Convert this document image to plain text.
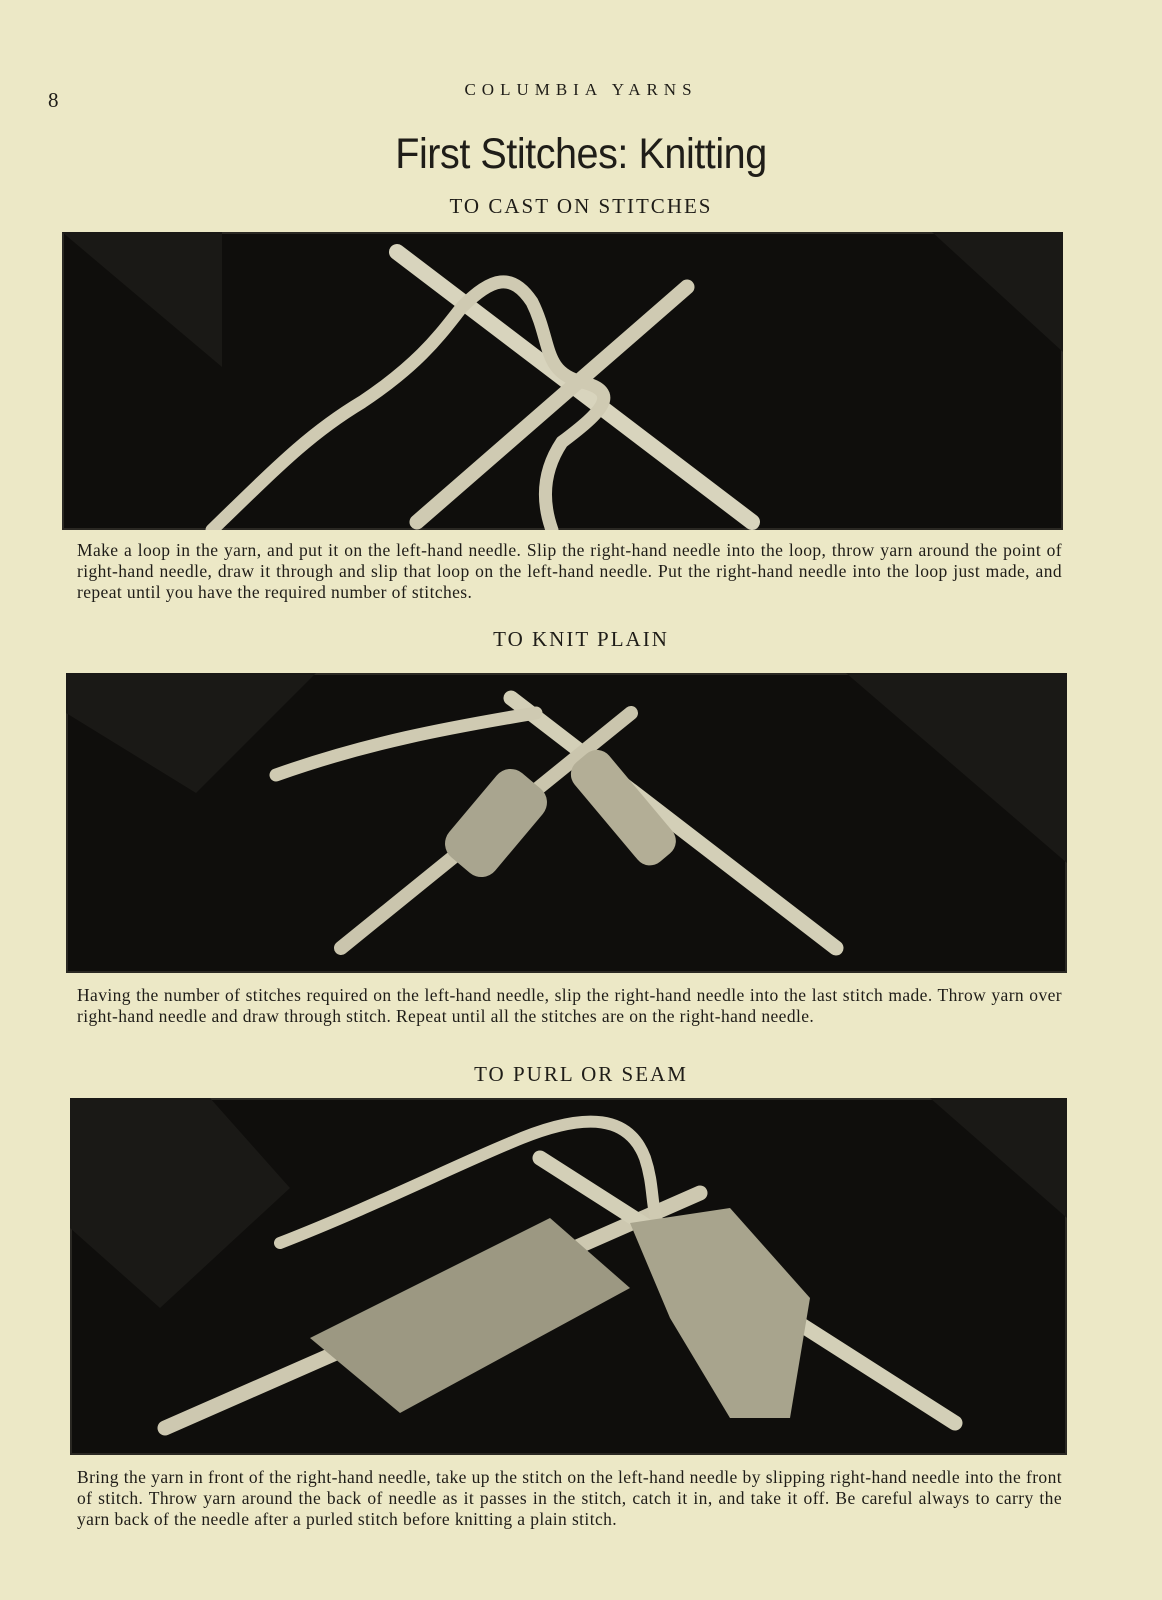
8	COLUMBIA YARNS
First Stitches: Knitting
TO CAST ON STITCHES
Make a loop in the yarn, and put it on the left-hand needle. Slip the right-hand needle into the loop, throw yarn around the point of right-hand needle, draw it through and slip that loop on the left-hand needle. Put the right-hand needle into the loop just made, and repeat until you have the required number of stitches.
TO KNIT PLAIN
Having the number of stitches required on the left-hand needle, slip the right-hand needle into the last stitch made. Throw yarn over right-hand needle and draw through stitch. Repeat until all the stitches are on the right-hand needle.
TO PURL OR SEAM
Bring the yarn in front of the right-hand needle, take up the stitch on the left-hand needle by slipping right-hand needle into the front of stitch. Throw yarn around the back of needle as it passes in the stitch, catch it in, and take it off. Be careful always to carry the yarn back of the needle after a purled stitch before knitting a plain stitch.
